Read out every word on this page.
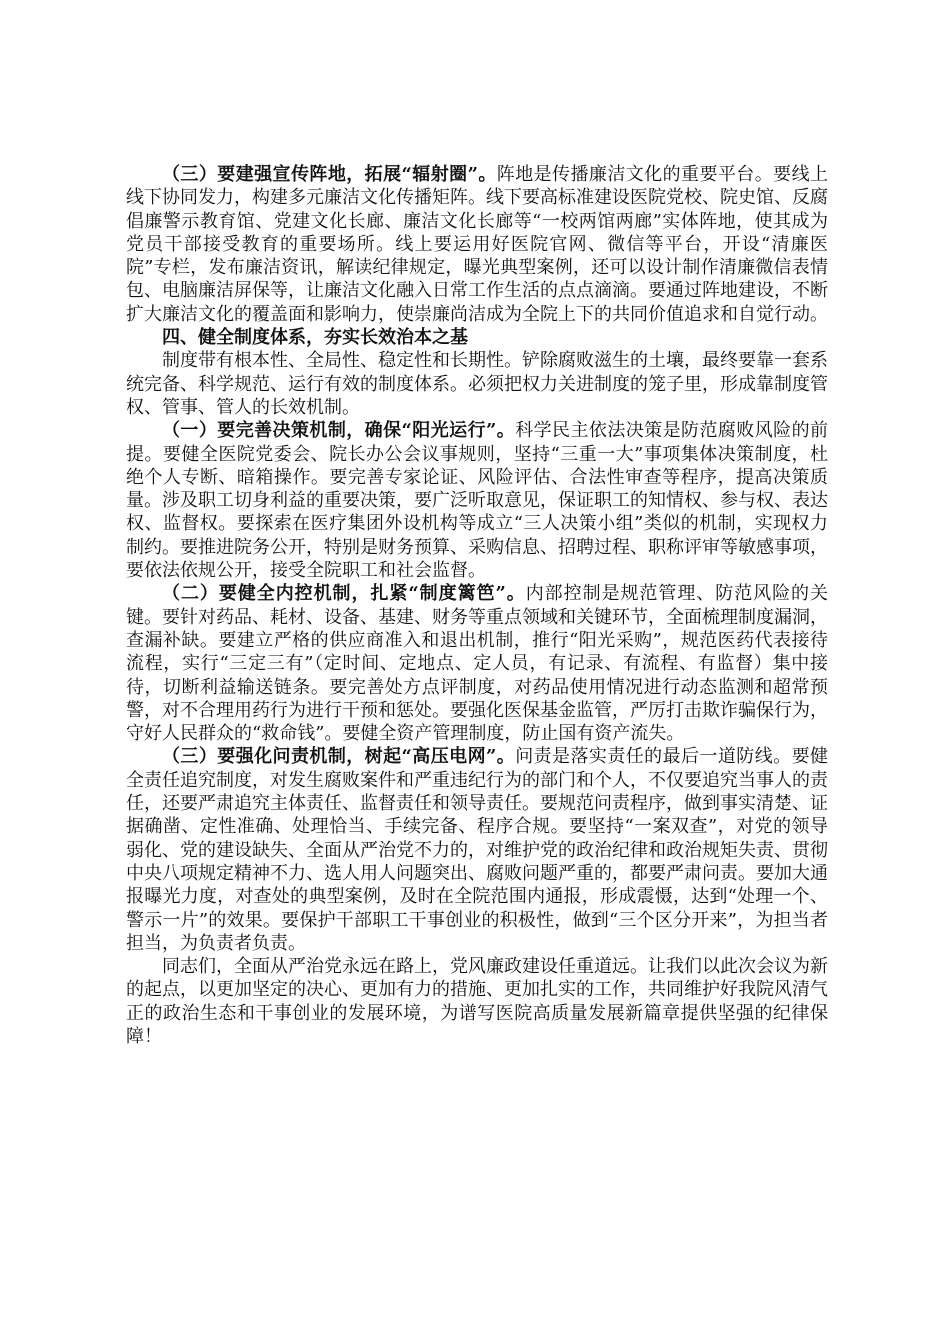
（三）要建强宣传阵地，拓展“辐射圈”。阵地是传播廉洁文化的重要平台。要线上线下协同发力，构建多元廉洁文化传播矩阵。线下要高标准建设医院党校、院史馆、反腐倡廉警示教育馆、党建文化长廊、廉洁文化长廊等“一校两馆两廊”实体阵地，使其成为党员干部接受教育的重要场所。线上要运用好医院官网、微信等平台，开设“清廉医院”专栏，发布廉洁资讯，解读纪律规定，曝光典型案例，还可以设计制作清廉微信表情包、电脑廉洁屏保等，让廉洁文化融入日常工作生活的点点滴滴。要通过阵地建设，不断扩大廉洁文化的覆盖面和影响力，使崇廉尚洁成为全院上下的共同价值追求和自觉行动。

四、健全制度体系，夯实长效治本之基

制度带有根本性、全局性、稳定性和长期性。铲除腐败滋生的土壤，最终要靠一套系统完备、科学规范、运行有效的制度体系。必须把权力关进制度的笼子里，形成靠制度管权、管事、管人的长效机制。

（一）要完善决策机制，确保“阳光运行”。科学民主依法决策是防范腐败风险的前提。要健全医院党委会、院长办公会议事规则，坚持“三重一大”事项集体决策制度，杜绝个人专断、暗箱操作。要完善专家论证、风险评估、合法性审查等程序，提高决策质量。涉及职工切身利益的重要决策，要广泛听取意见，保证职工的知情权、参与权、表达权、监督权。要探索在医疗集团外设机构等成立“三人决策小组”类似的机制，实现权力制约。要推进院务公开，特别是财务预算、采购信息、招聘过程、职称评审等敏感事项，要依法依规公开，接受全院职工和社会监督。

（二）要健全内控机制，扎紧“制度篱笆”。内部控制是规范管理、防范风险的关键。要针对药品、耗材、设备、基建、财务等重点领域和关键环节，全面梳理制度漏洞，查漏补缺。要建立严格的供应商准入和退出机制，推行“阳光采购”，规范医药代表接待流程，实行“三定三有”（定时间、定地点、定人员，有记录、有流程、有监督）集中接待，切断利益输送链条。要完善处方点评制度，对药品使用情况进行动态监测和超常预警，对不合理用药行为进行干预和惩处。要强化医保基金监管，严厉打击欺诈骗保行为，守好人民群众的“救命钱”。要健全资产管理制度，防止国有资产流失。

（三）要强化问责机制，树起“高压电网”。问责是落实责任的最后一道防线。要健全责任追究制度，对发生腐败案件和严重违纪行为的部门和个人，不仅要追究当事人的责任，还要严肃追究主体责任、监督责任和领导责任。要规范问责程序，做到事实清楚、证据确凿、定性准确、处理恰当、手续完备、程序合规。要坚持“一案双查”，对党的领导弱化、党的建设缺失、全面从严治党不力的，对维护党的政治纪律和政治规矩失责、贯彻中央八项规定精神不力、选人用人问题突出、腐败问题严重的，都要严肃问责。要加大通报曝光力度，对查处的典型案例，及时在全院范围内通报，形成震慑，达到“处理一个、警示一片”的效果。要保护干部职工干事创业的积极性，做到“三个区分开来”，为担当者担当，为负责者负责。

同志们，全面从严治党永远在路上，党风廉政建设任重道远。让我们以此次会议为新的起点，以更加坚定的决心、更加有力的措施、更加扎实的工作，共同维护好我院风清气正的政治生态和干事创业的发展环境，为谱写医院高质量发展新篇章提供坚强的纪律保障！
